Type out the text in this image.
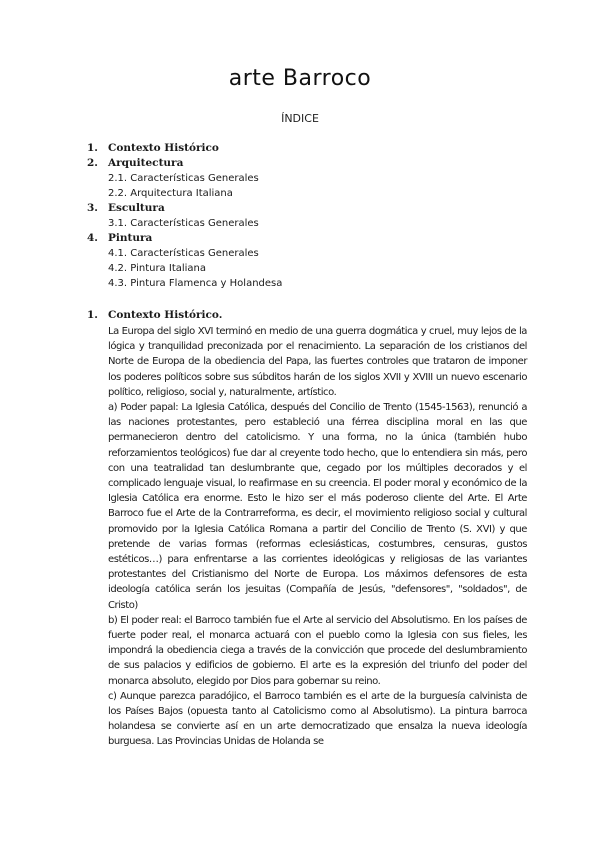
arte Barroco
ÍNDICE
1. Contexto Histórico
2. Arquitectura
2.1. Características Generales
2.2. Arquitectura Italiana
3. Escultura
3.1. Características Generales
4. Pintura
4.1. Características Generales
4.2. Pintura Italiana
4.3. Pintura Flamenca y Holandesa
1. Contexto Histórico.

La Europa del siglo XVI terminó en medio de una guerra dogmática y cruel, muy lejos de la lógica y tranquilidad preconizada por el renacimiento. La separación de los cristianos del Norte de Europa de la obediencia del Papa, las fuertes controles que trataron de imponer los poderes políticos sobre sus súbditos harán de los siglos XVII y XVIII un nuevo escenario político, religioso, social y, naturalmente, artístico.

a) Poder papal: La Iglesia Católica, después del Concilio de Trento (1545-1563), renunció a las naciones protestantes, pero estableció una férrea disciplina moral en las que permanecieron dentro del catolicismo. Y una forma, no la única (también hubo reforzamientos teológicos) fue dar al creyente todo hecho, que lo entendiera sin más, pero con una teatralidad tan deslumbrante que, cegado por los múltiples decorados y el complicado lenguaje visual, lo reafirmase en su creencia. El poder moral y económico de la Iglesia Católica era enorme. Esto le hizo ser el más poderoso cliente del Arte. El Arte Barroco fue el Arte de la Contrarreforma, es decir, el movimiento religioso social y cultural promovido por la Iglesia Católica Romana a partir del Concilio de Trento (S. XVI) y que pretende de varias formas (reformas eclesiásticas, costumbres, censuras, gustos estéticos…) para enfrentarse a las corrientes ideológicas y religiosas de las variantes protestantes del Cristianismo del Norte de Europa. Los máximos defensores de esta ideología católica serán los jesuitas (Compañía de Jesús, "defensores", "soldados", de Cristo)

b) El poder real: el Barroco también fue el Arte al servicio del Absolutismo. En los países de fuerte poder real, el monarca actuará con el pueblo como la Iglesia con sus fieles, les impondrá la obediencia ciega a través de la convicción que procede del deslumbramiento de sus palacios y edificios de gobierno. El arte es la expresión del triunfo del poder del monarca absoluto, elegido por Dios para gobernar su reino.

c) Aunque parezca paradójico, el Barroco también es el arte de la burguesía calvinista de los Países Bajos (opuesta tanto al Catolicismo como al Absolutismo). La pintura barroca holandesa se convierte así en un arte democratizado que ensalza la nueva ideología burguesa. Las Provincias Unidas de Holanda se
